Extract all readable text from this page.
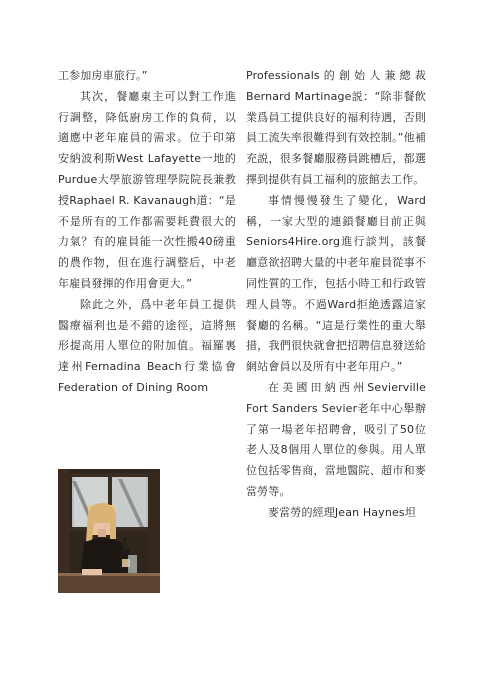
工参加房車旅行。”

其次，餐廳東主可以對工作進行調整，降低廚房工作的負荷，以適應中老年雇員的需求。位于印第安納波利斯West Lafayette一地的Purdue大學旅游管理學院院長兼教授Raphael R. Kavanaugh道：“是不是所有的工作都需要耗費很大的力氣？有的雇員能一次性搬40磅重的農作物，但在進行調整后，中老年雇員發揮的作用會更大。”

除此之外，爲中老年員工提供醫療福利也是不錯的途徑，這將無形提高用人單位的附加值。福羅裏達州Fernadina Beach行業協會Federation of Dining Room

Professionals的創始人兼總裁Bernard Martinage説：“除非餐飲業爲員工提供良好的福利待遇，否則員工流失率很難得到有效控制。”他補充説，很多餐廳服務員跳槽后，都選擇到提供有員工福利的旅館去工作。

事情慢慢發生了變化，Ward稱，一家大型的連鎖餐廳目前正與Seniors4Hire.org進行談判，該餐廳意欲招聘大量的中老年雇員從事不同性質的工作，包括小時工和行政管理人員等。不過Ward拒絶透露這家餐廳的名稱。“這是行業性的重大舉措，我們很快就會把招聘信息發送給網站會員以及所有中老年用户。”

在美國田納西州Sevierville Fort Sanders Sevier老年中心舉辦了第一場老年招聘會，吸引了50位老人及8個用人單位的參與。用人單位包括零售商，當地醫院、超市和麥當勞等。

麥當勞的經理Jean Haynes坦
